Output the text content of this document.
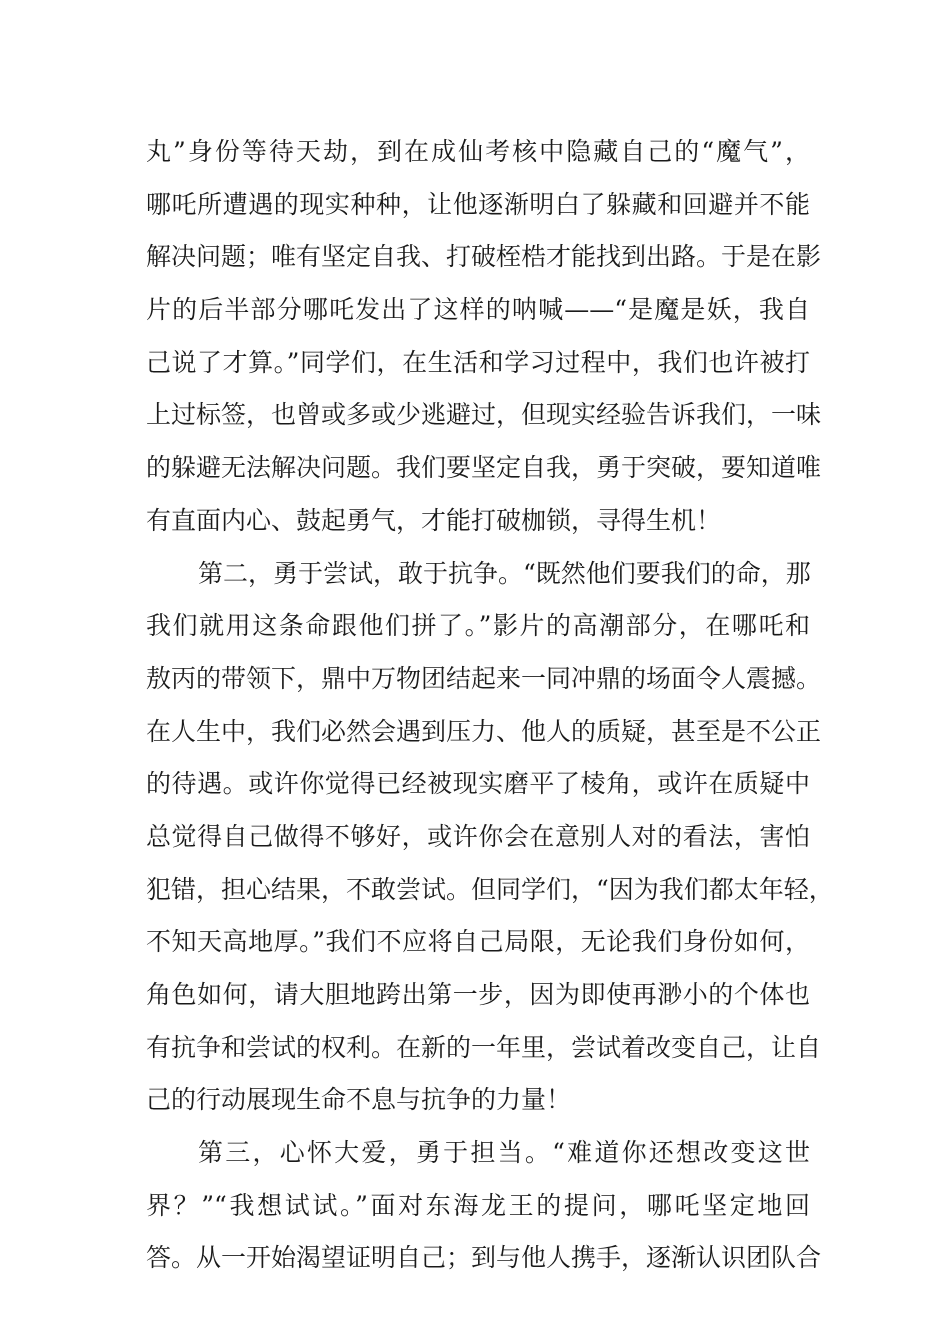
丸”身份等待天劫，到在成仙考核中隐藏自己的“魔气”，
哪吒所遭遇的现实种种，让他逐渐明白了躲藏和回避并不能
解决问题；唯有坚定自我、打破桎梏才能找到出路。于是在影
片的后半部分哪吒发出了这样的呐喊——“是魔是妖，我自
己说了才算。”同学们，在生活和学习过程中，我们也许被打
上过标签，也曾或多或少逃避过，但现实经验告诉我们，一味
的躲避无法解决问题。我们要坚定自我，勇于突破，要知道唯
有直面内心、鼓起勇气，才能打破枷锁，寻得生机！
第二，勇于尝试，敢于抗争。“既然他们要我们的命，那
我们就用这条命跟他们拼了。”影片的高潮部分，在哪吒和
敖丙的带领下，鼎中万物团结起来一同冲鼎的场面令人震撼。
在人生中，我们必然会遇到压力、他人的质疑，甚至是不公正
的待遇。或许你觉得已经被现实磨平了棱角，或许在质疑中
总觉得自己做得不够好，或许你会在意别人对的看法，害怕
犯错，担心结果，不敢尝试。但同学们，“因为我们都太年轻，
不知天高地厚。”我们不应将自己局限，无论我们身份如何，
角色如何，请大胆地跨出第一步，因为即使再渺小的个体也
有抗争和尝试的权利。在新的一年里，尝试着改变自己，让自
己的行动展现生命不息与抗争的力量！
第三，心怀大爱，勇于担当。“难道你还想改变这世
界？”“我想试试。”面对东海龙王的提问，哪吒坚定地回
答。从一开始渴望证明自己；到与他人携手，逐渐认识团队合
